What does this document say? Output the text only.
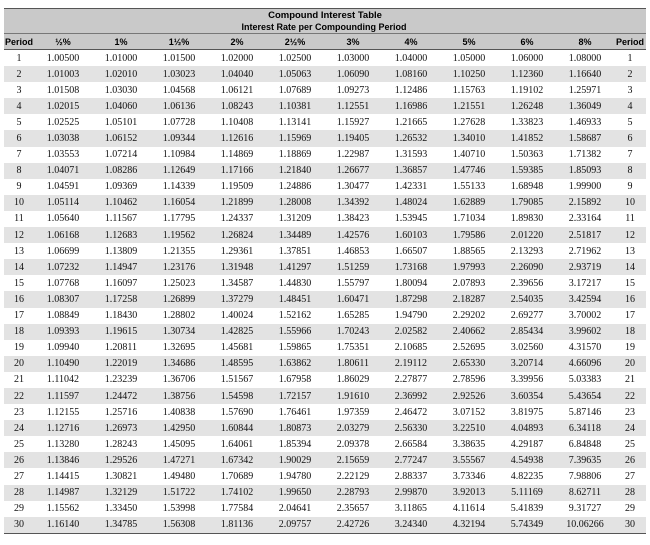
Compound Interest Table											
	Interest Rate per Compounding Period										
Period	½%	1%	1½%	2%	2½%	3%	4%	5%	6%	8%	Period
1	1.00500	1.01000	1.01500	1.02000	1.02500	1.03000	1.04000	1.05000	1.06000	1.08000	1
2	1.01003	1.02010	1.03023	1.04040	1.05063	1.06090	1.08160	1.10250	1.12360	1.16640	2
3	1.01508	1.03030	1.04568	1.06121	1.07689	1.09273	1.12486	1.15763	1.19102	1.25971	3
4	1.02015	1.04060	1.06136	1.08243	1.10381	1.12551	1.16986	1.21551	1.26248	1.36049	4
5	1.02525	1.05101	1.07728	1.10408	1.13141	1.15927	1.21665	1.27628	1.33823	1.46933	5
6	1.03038	1.06152	1.09344	1.12616	1.15969	1.19405	1.26532	1.34010	1.41852	1.58687	6
7	1.03553	1.07214	1.10984	1.14869	1.18869	1.22987	1.31593	1.40710	1.50363	1.71382	7
8	1.04071	1.08286	1.12649	1.17166	1.21840	1.26677	1.36857	1.47746	1.59385	1.85093	8
9	1.04591	1.09369	1.14339	1.19509	1.24886	1.30477	1.42331	1.55133	1.68948	1.99900	9
10	1.05114	1.10462	1.16054	1.21899	1.28008	1.34392	1.48024	1.62889	1.79085	2.15892	10
11	1.05640	1.11567	1.17795	1.24337	1.31209	1.38423	1.53945	1.71034	1.89830	2.33164	11
12	1.06168	1.12683	1.19562	1.26824	1.34489	1.42576	1.60103	1.79586	2.01220	2.51817	12
13	1.06699	1.13809	1.21355	1.29361	1.37851	1.46853	1.66507	1.88565	2.13293	2.71962	13
14	1.07232	1.14947	1.23176	1.31948	1.41297	1.51259	1.73168	1.97993	2.26090	2.93719	14
15	1.07768	1.16097	1.25023	1.34587	1.44830	1.55797	1.80094	2.07893	2.39656	3.17217	15
16	1.08307	1.17258	1.26899	1.37279	1.48451	1.60471	1.87298	2.18287	2.54035	3.42594	16
17	1.08849	1.18430	1.28802	1.40024	1.52162	1.65285	1.94790	2.29202	2.69277	3.70002	17
18	1.09393	1.19615	1.30734	1.42825	1.55966	1.70243	2.02582	2.40662	2.85434	3.99602	18
19	1.09940	1.20811	1.32695	1.45681	1.59865	1.75351	2.10685	2.52695	3.02560	4.31570	19
20	1.10490	1.22019	1.34686	1.48595	1.63862	1.80611	2.19112	2.65330	3.20714	4.66096	20
21	1.11042	1.23239	1.36706	1.51567	1.67958	1.86029	2.27877	2.78596	3.39956	5.03383	21
22	1.11597	1.24472	1.38756	1.54598	1.72157	1.91610	2.36992	2.92526	3.60354	5.43654	22
23	1.12155	1.25716	1.40838	1.57690	1.76461	1.97359	2.46472	3.07152	3.81975	5.87146	23
24	1.12716	1.26973	1.42950	1.60844	1.80873	2.03279	2.56330	3.22510	4.04893	6.34118	24
25	1.13280	1.28243	1.45095	1.64061	1.85394	2.09378	2.66584	3.38635	4.29187	6.84848	25
26	1.13846	1.29526	1.47271	1.67342	1.90029	2.15659	2.77247	3.55567	4.54938	7.39635	26
27	1.14415	1.30821	1.49480	1.70689	1.94780	2.22129	2.88337	3.73346	4.82235	7.98806	27
28	1.14987	1.32129	1.51722	1.74102	1.99650	2.28793	2.99870	3.92013	5.11169	8.62711	28
29	1.15562	1.33450	1.53998	1.77584	2.04641	2.35657	3.11865	4.11614	5.41839	9.31727	29
30	1.16140	1.34785	1.56308	1.81136	2.09757	2.42726	3.24340	4.32194	5.74349	10.06266	30
